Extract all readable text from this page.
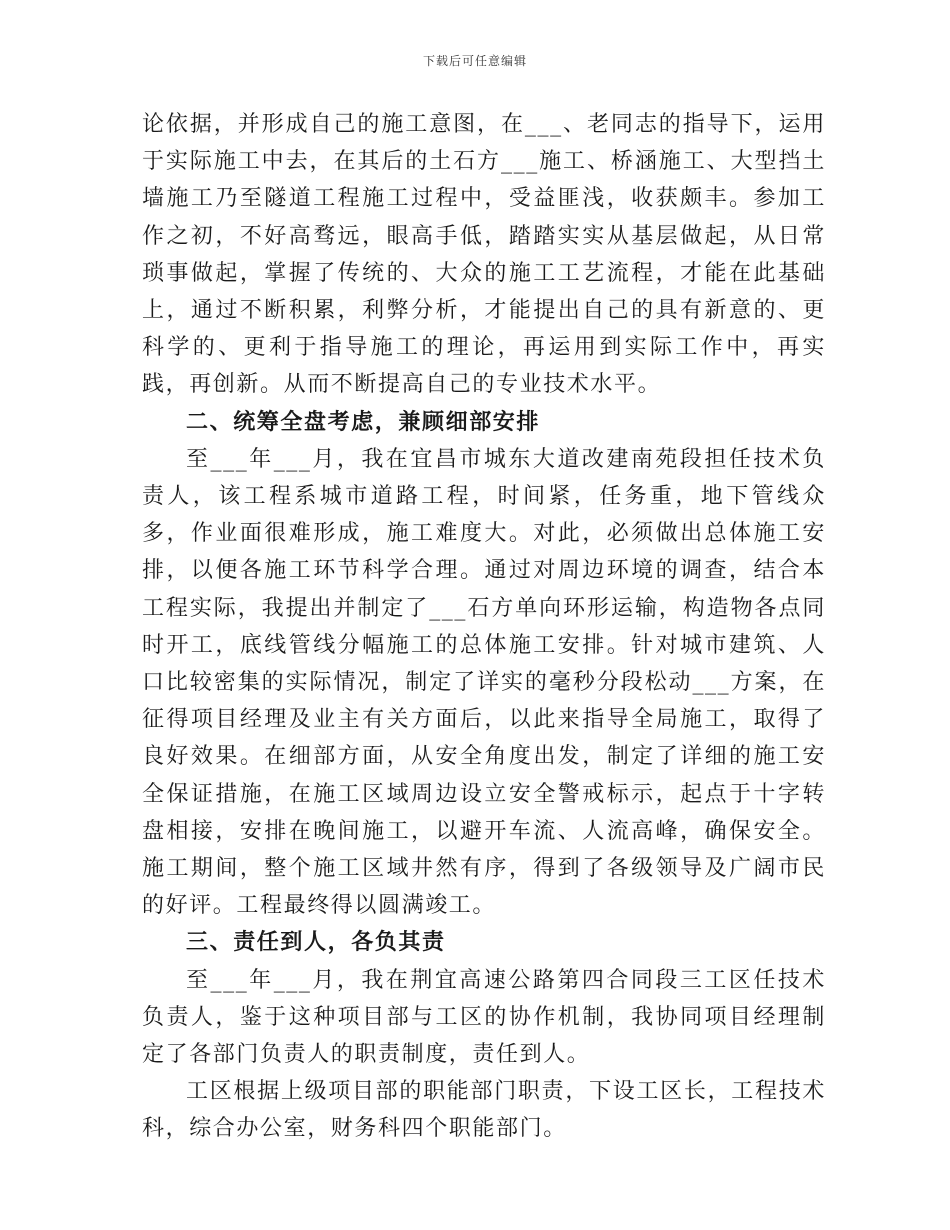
下载后可任意编辑

论依据，并形成自己的施工意图，在___、老同志的指导下，运用于实际施工中去，在其后的土石方___施工、桥涵施工、大型挡土墙施工乃至隧道工程施工过程中，受益匪浅，收获颇丰。参加工作之初，不好高骛远，眼高手低，踏踏实实从基层做起，从日常琐事做起，掌握了传统的、大众的施工工艺流程，才能在此基础上，通过不断积累，利弊分析，才能提出自己的具有新意的、更科学的、更利于指导施工的理论，再运用到实际工作中，再实践，再创新。从而不断提高自己的专业技术水平。

二、统筹全盘考虑，兼顾细部安排

至___年___月，我在宜昌市城东大道改建南苑段担任技术负责人，该工程系城市道路工程，时间紧，任务重，地下管线众多，作业面很难形成，施工难度大。对此，必须做出总体施工安排，以便各施工环节科学合理。通过对周边环境的调查，结合本工程实际，我提出并制定了___石方单向环形运输，构造物各点同时开工，底线管线分幅施工的总体施工安排。针对城市建筑、人口比较密集的实际情况，制定了详实的毫秒分段松动___方案，在征得项目经理及业主有关方面后，以此来指导全局施工，取得了良好效果。在细部方面，从安全角度出发，制定了详细的施工安全保证措施，在施工区域周边设立安全警戒标示，起点于十字转盘相接，安排在晚间施工，以避开车流、人流高峰，确保安全。施工期间，整个施工区域井然有序，得到了各级领导及广阔市民的好评。工程最终得以圆满竣工。

三、责任到人，各负其责

至___年___月，我在荆宜高速公路第四合同段三工区任技术负责人，鉴于这种项目部与工区的协作机制，我协同项目经理制定了各部门负责人的职责制度，责任到人。

工区根据上级项目部的职能部门职责，下设工区长，工程技术科，综合办公室，财务科四个职能部门。
